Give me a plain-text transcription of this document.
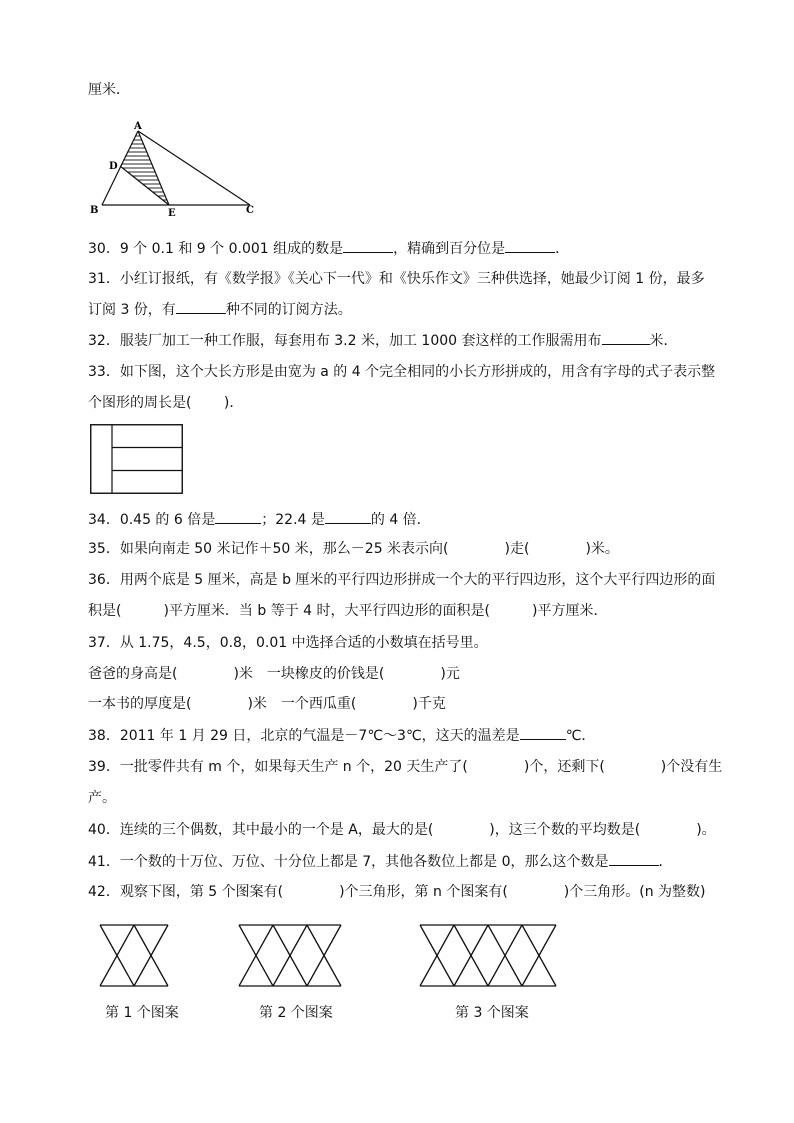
厘米．
A
D
B	E	C
30．9 个 0.1 和 9 个 0.001 组成的数是	，精确到百分位是	．
31．小红订报纸，有《数学报》《关心下一代》和《快乐作文》三种供选择，她最少订阅 1 份，最多
订阅 3 份，有	种不同的订阅方法。
32．服装厂加工一种工作服，每套用布 3.2 米，加工 1000 套这样的工作服需用布	米．
33．如下图，这个大长方形是由宽为 a 的 4 个完全相同的小长方形拼成的，用含有字母的式子表示整
个图形的周长是(　　 )．
34．0.45 的 6 倍是	；22.4 是	的 4 倍．
35．如果向南走 50 米记作＋50 米，那么－25 米表示向(　　　　)走(　　　　)米。
36．用两个底是 5 厘米，高是 b 厘米的平行四边形拼成一个大的平行四边形，这个大平行四边形的面
积是(　　　)平方厘米．当 b 等于 4 时，大平行四边形的面积是(　　　)平方厘米．
37．从 1.75，4.5，0.8，0.01 中选择合适的小数填在括号里。
爸爸的身高是(　　　　)米　一块橡皮的价钱是(　　　　)元
一本书的厚度是(　　　　)米　一个西瓜重(　　　　)千克
38．2011 年 1 月 29 日，北京的气温是－7℃～3℃，这天的温差是	℃．
39．一批零件共有 m 个，如果每天生产 n 个，20 天生产了(　　　　)个，还剩下(　　　　)个没有生
产。
40．连续的三个偶数，其中最小的一个是 A，最大的是(　　　　)，这三个数的平均数是(　　　　)。
41．一个数的十万位、万位、十分位上都是 7，其他各数位上都是 0，那么这个数是	．
42．观察下图，第 5 个图案有(　　　　)个三角形，第 n 个图案有(　　　　)个三角形。(n 为整数)
第 1 个图案	第 2 个图案	第 3 个图案
